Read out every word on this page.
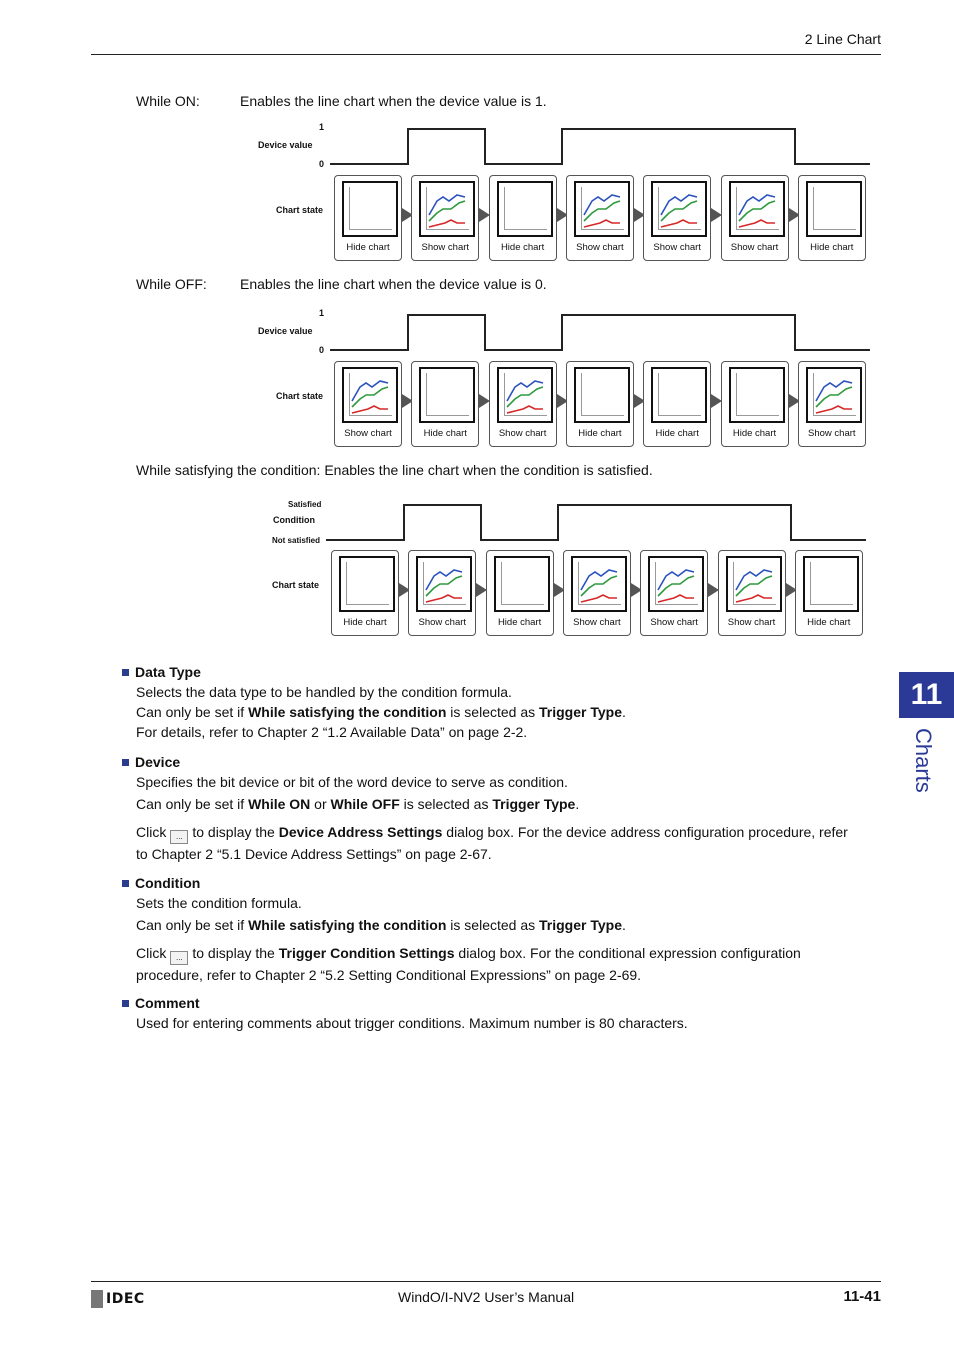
2 Line Chart
While ON:	Enables the line chart when the device value is 1.
1
Device value
0
Chart state
Hide chart	Show chart	Hide chart	Show chart	Show chart	Show chart	Hide chart
While OFF: Enables the line chart when the device value is 0.
1
Device value
0
Chart state
Show chart	Hide chart	Show chart	Hide chart	Hide chart	Hide chart	Show chart
While satisfying the condition: Enables the line chart when the condition is satisfied.
Satisfied
Condition
Not satisfied
Chart state
Hide chart	Show chart	Hide chart	Show chart	Show chart	Show chart	Hide chart
Data Type
Selects the data type to be handled by the condition formula.
Can only be set if While satisfying the condition is selected as Trigger Type.
For details, refer to Chapter 2 “1.2 Available Data” on page 2-2.
Device
Specifies the bit device or bit of the word device to serve as condition.
Can only be set if While ON or While OFF is selected as Trigger Type.
Click ... to display the Device Address Settings dialog box. For the device address configuration procedure, refer
to Chapter 2 “5.1 Device Address Settings” on page 2-67.
Condition
Sets the condition formula.
Can only be set if While satisfying the condition is selected as Trigger Type.
Click ... to display the Trigger Condition Settings dialog box. For the conditional expression configuration
procedure, refer to Chapter 2 “5.2 Setting Conditional Expressions” on page 2-69.
Comment
Used for entering comments about trigger conditions. Maximum number is 80 characters.
11
Charts
IDEC	WindO/I-NV2 User’s Manual	11-41
